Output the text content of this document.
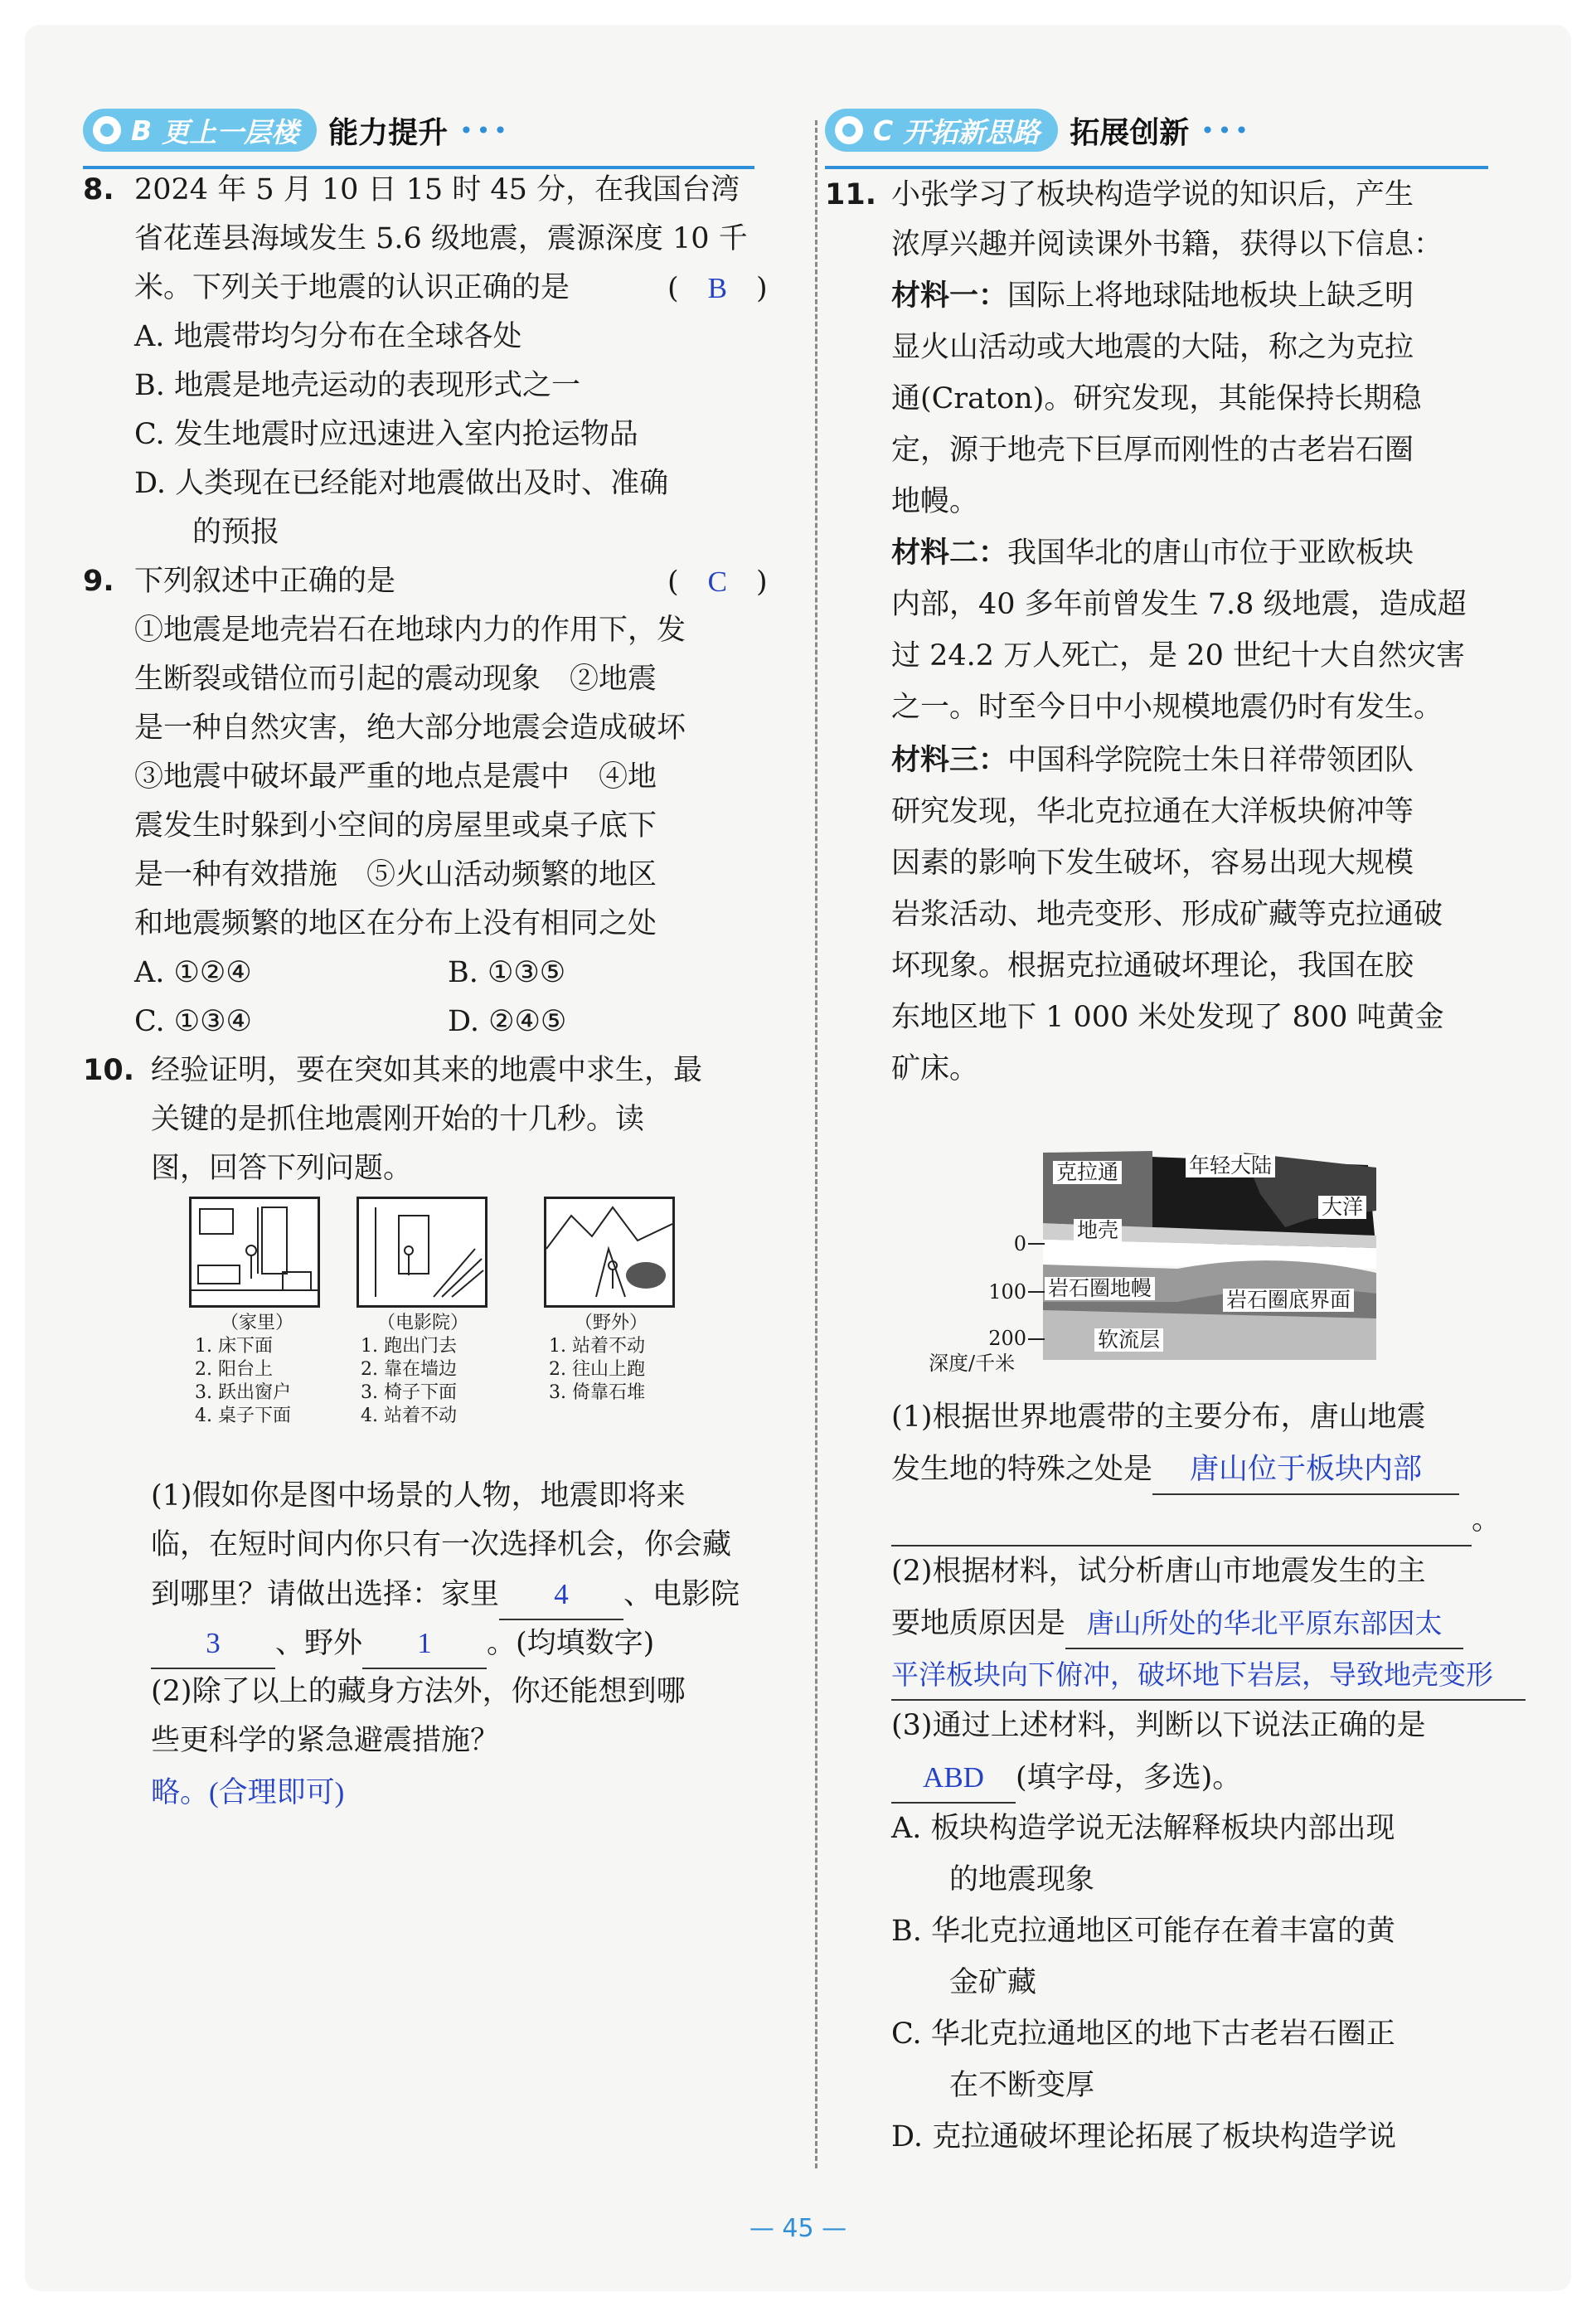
B 更上一层楼 能力提升 •••	C 开拓新思路 拓展创新 •••
8. 2024 年 5 月 10 日 15 时 45 分，在我国台湾
省花莲县海域发生 5.6 级地震，震源深度 10 千
米。下列关于地震的认识正确的是	(　B　)
A. 地震带均匀分布在全球各处
B. 地震是地壳运动的表现形式之一
C. 发生地震时应迅速进入室内抢运物品
D. 人类现在已经能对地震做出及时、准确
的预报
9. 下列叙述中正确的是	(　C　)
①地震是地壳岩石在地球内力的作用下，发
生断裂或错位而引起的震动现象　②地震
是一种自然灾害，绝大部分地震会造成破坏
③地震中破坏最严重的地点是震中　④地
震发生时躲到小空间的房屋里或桌子底下
是一种有效措施　⑤火山活动频繁的地区
和地震频繁的地区在分布上没有相同之处
A. ①②④	B. ①③⑤
C. ①③④	D. ②④⑤
10. 经验证明，要在突如其来的地震中求生，最
关键的是抓住地震刚开始的十几秒。读
图，回答下列问题。
（家里）
1. 床下面
2. 阳台上
3. 跃出窗户
4. 桌子下面
（电影院）
1. 跑出门去
2. 靠在墙边
3. 椅子下面
4. 站着不动
（野外）
1. 站着不动
2. 往山上跑
3. 倚靠石堆
(1)假如你是图中场景的人物，地震即将来
临，在短时间内你只有一次选择机会，你会藏
到哪里？请做出选择：家里 4 、电影院
3 、野外 1 。(均填数字)
(2)除了以上的藏身方法外，你还能想到哪
些更科学的紧急避震措施？
略。(合理即可)
11. 小张学习了板块构造学说的知识后，产生
浓厚兴趣并阅读课外书籍，获得以下信息：
材料一：国际上将地球陆地板块上缺乏明
显火山活动或大地震的大陆，称之为克拉
通(Craton)。研究发现，其能保持长期稳
定，源于地壳下巨厚而刚性的古老岩石圈
地幔。
材料二：我国华北的唐山市位于亚欧板块
内部，40 多年前曾发生 7.8 级地震，造成超
过 24.2 万人死亡，是 20 世纪十大自然灾害
之一。时至今日中小规模地震仍时有发生。
材料三：中国科学院院士朱日祥带领团队
研究发现，华北克拉通在大洋板块俯冲等
因素的影响下发生破坏，容易出现大规模
岩浆活动、地壳变形、形成矿藏等克拉通破
坏现象。根据克拉通破坏理论，我国在胶
东地区地下 1 000 米处发现了 800 吨黄金
矿床。
克拉通	年轻大陆
大洋
地壳
岩石圈地幔	岩石圈底界面
软流层
0
100
200
深度/千米
(1)根据世界地震带的主要分布，唐山地震
发生地的特殊之处是 唐山位于板块内部
。
(2)根据材料，试分析唐山市地震发生的主
要地质原因是 唐山所处的华北平原东部因太
平洋板块向下俯冲，破坏地下岩层，导致地壳变形
(3)通过上述材料，判断以下说法正确的是
ABD (填字母，多选)。
A. 板块构造学说无法解释板块内部出现
的地震现象
B. 华北克拉通地区可能存在着丰富的黄
金矿藏
C. 华北克拉通地区的地下古老岩石圈正
在不断变厚
D. 克拉通破坏理论拓展了板块构造学说
— 45 —
